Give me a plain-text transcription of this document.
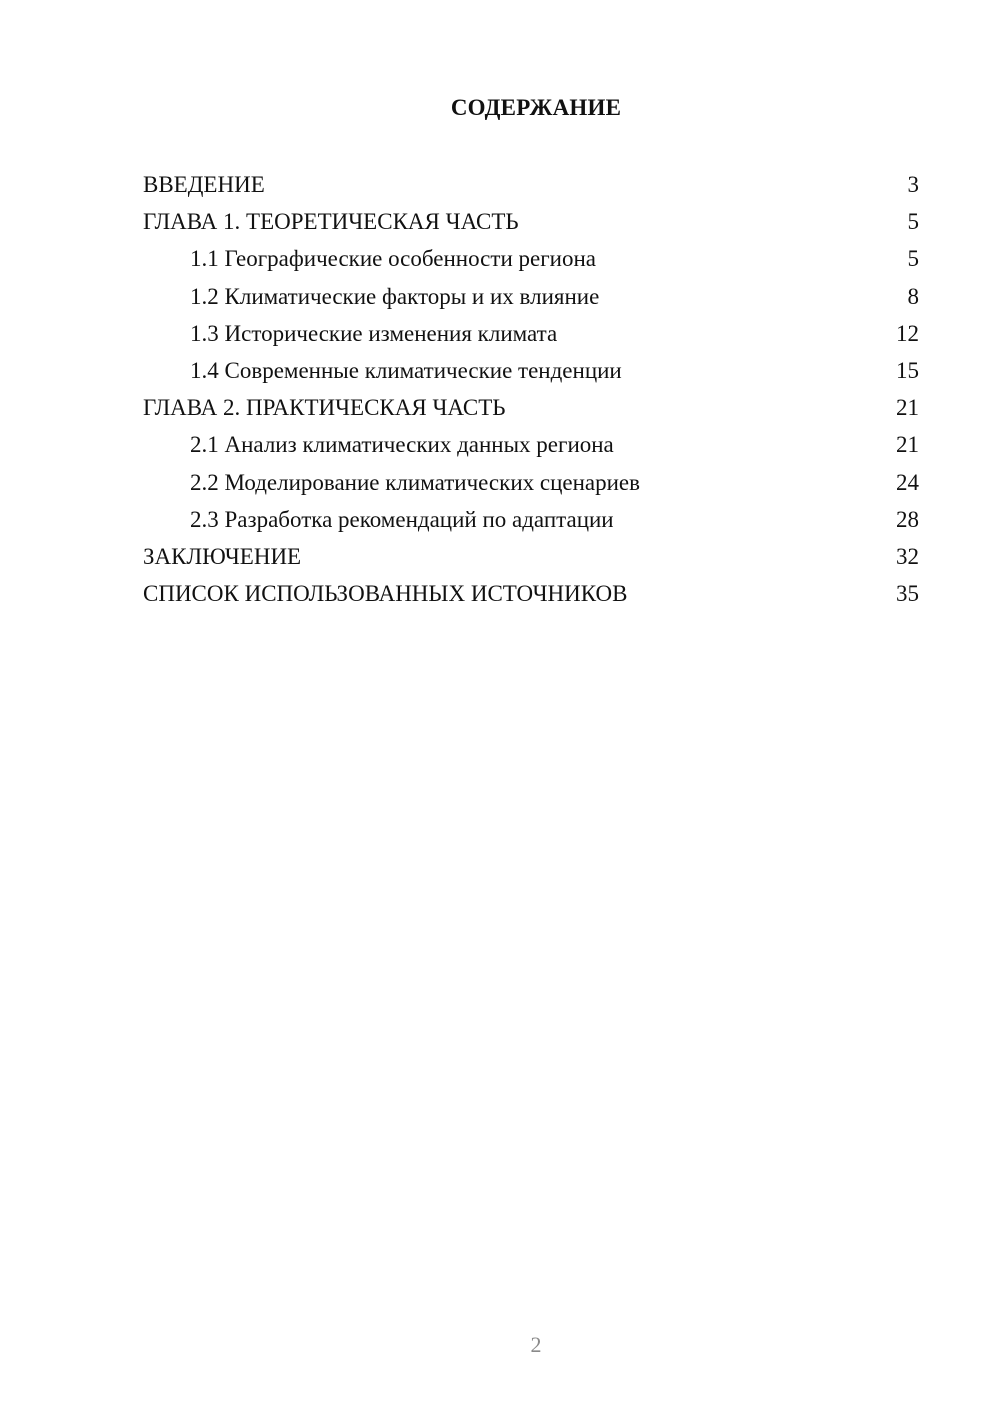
СОДЕРЖАНИЕ
ВВЕДЕНИЕ	3
ГЛАВА 1. ТЕОРЕТИЧЕСКАЯ ЧАСТЬ	5
1.1 Географические особенности региона	5
1.2 Климатические факторы и их влияние	8
1.3 Исторические изменения климата	12
1.4 Современные климатические тенденции	15
ГЛАВА 2. ПРАКТИЧЕСКАЯ ЧАСТЬ	21
2.1 Анализ климатических данных региона	21
2.2 Моделирование климатических сценариев	24
2.3 Разработка рекомендаций по адаптации	28
ЗАКЛЮЧЕНИЕ	32
СПИСОК ИСПОЛЬЗОВАННЫХ ИСТОЧНИКОВ	35
2
